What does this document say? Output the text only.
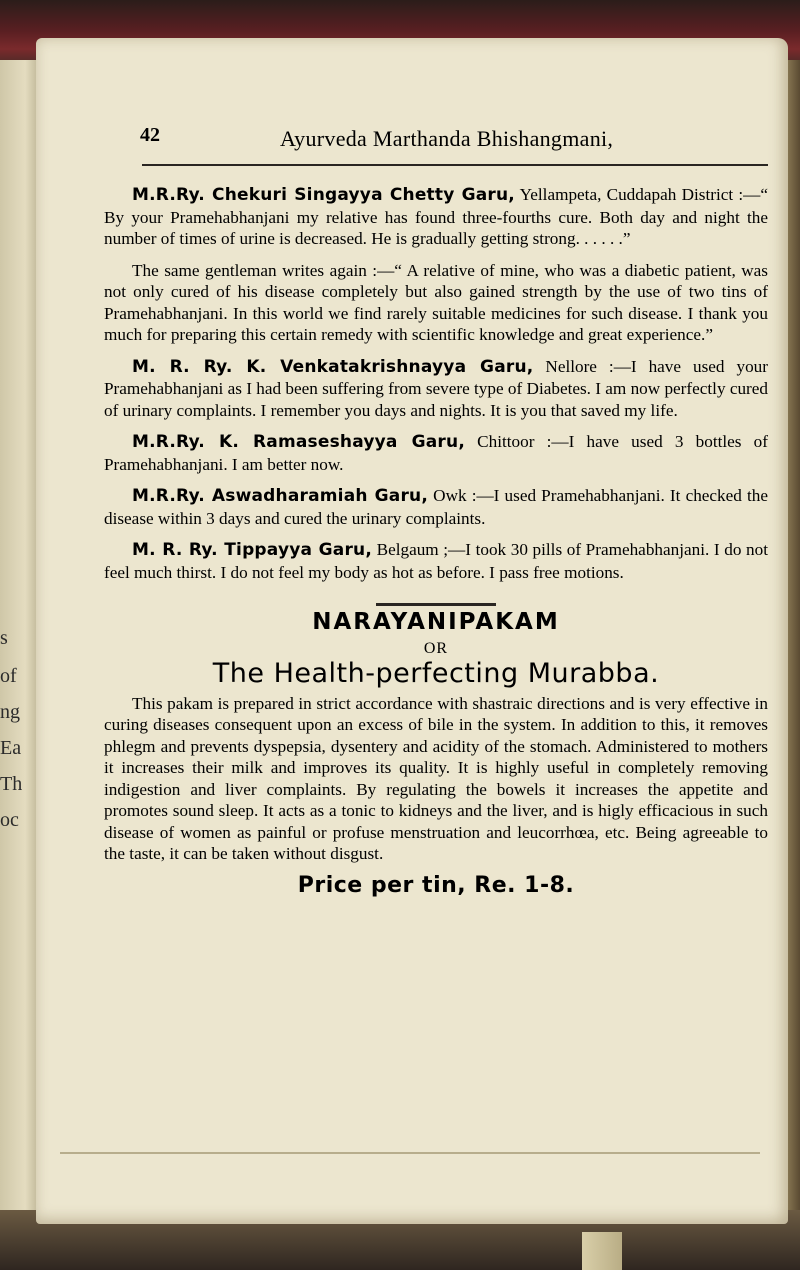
s
of
ng
Ea
Th
oc
42	Ayurveda Marthanda Bhishangmani,

M.R.Ry. Chekuri Singayya Chetty Garu, Yellampeta, Cuddapah District :—“ By your Pramehabhanjani my relative has found three-fourths cure. Both day and night the number of times of urine is decreased. He is gradually getting strong. . . . . .”

The same gentleman writes again :—“ A relative of mine, who was a diabetic patient, was not only cured of his disease completely but also gained strength by the use of two tins of Pramehabhanjani. In this world we find rarely suitable medicines for such disease. I thank you much for preparing this certain remedy with scientific knowledge and great experience.”

M. R. Ry. K. Venkatakrishnayya Garu, Nellore :—I have used your Pramehabhanjani as I had been suffering from severe type of Diabetes. I am now perfectly cured of urinary complaints. I remember you days and nights. It is you that saved my life.

M.R.Ry. K. Ramaseshayya Garu, Chittoor :—I have used 3 bottles of Pramehabhanjani. I am better now.

M.R.Ry. Aswadharamiah Garu, Owk :—I used Pramehabhanjani. It checked the disease within 3 days and cured the urinary complaints.

M. R. Ry. Tippayya Garu, Belgaum ;—I took 30 pills of Pramehabhanjani. I do not feel much thirst. I do not feel my body as hot as before. I pass free motions.

NARAYANIPAKAM

OR

The Health-perfecting Murabba.

This pakam is prepared in strict accordance with shastraic directions and is very effective in curing diseases consequent upon an excess of bile in the system. In addition to this, it removes phlegm and prevents dyspepsia, dysentery and acidity of the stomach. Administered to mothers it increases their milk and improves its quality. It is highly useful in completely removing indigestion and liver complaints. By regulating the bowels it increases the appetite and promotes sound sleep. It acts as a tonic to kidneys and the liver, and is higly efficacious in such disease of women as painful or profuse menstruation and leucorrhœa, etc. Being agreeable to the taste, it can be taken without disgust.

Price per tin, Re. 1-8.
